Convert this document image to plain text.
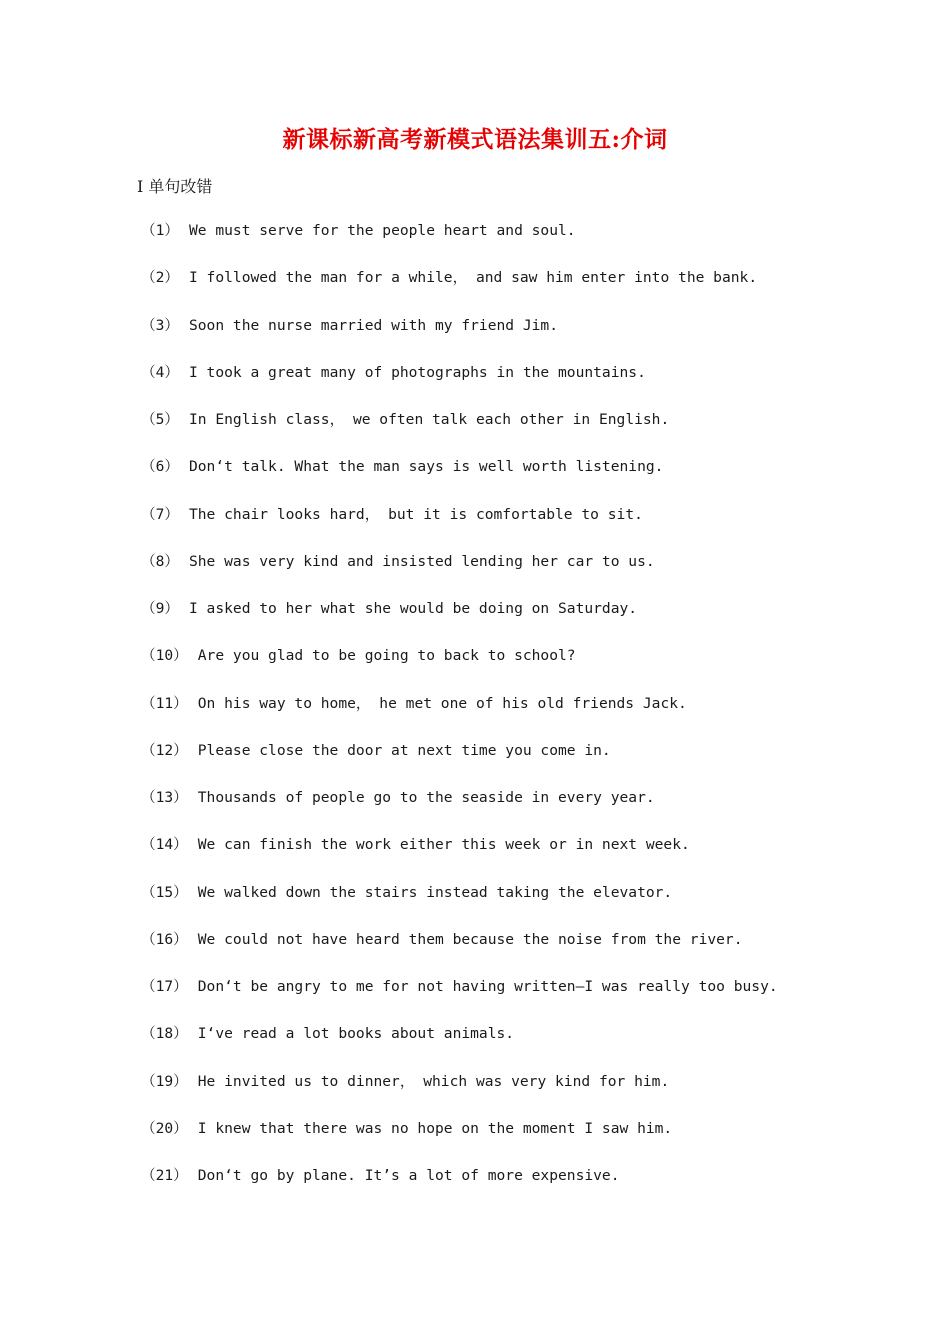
新课标新高考新模式语法集训五:介词
I 单句改错
（1） We must serve for the people heart and soul.
（2） I followed the man for a while， and saw him enter into the bank.
（3） Soon the nurse married with my friend Jim.
（4） I took a great many of photographs in the mountains.
（5） In English class， we often talk each other in English.
（6） Don‘t talk. What the man says is well worth listening.
（7） The chair looks hard， but it is comfortable to sit.
（8） She was very kind and insisted lending her car to us.
（9） I asked to her what she would be doing on Saturday.
（10） Are you glad to be going to back to school?
（11） On his way to home， he met one of his old friends Jack.
（12） Please close the door at next time you come in.
（13） Thousands of people go to the seaside in every year.
（14） We can finish the work either this week or in next week.
（15） We walked down the stairs instead taking the elevator.
（16） We could not have heard them because the noise from the river.
（17） Don‘t be angry to me for not having written—I was really too busy.
（18） I‘ve read a lot books about animals.
（19） He invited us to dinner， which was very kind for him.
（20） I knew that there was no hope on the moment I saw him.
（21） Don‘t go by plane. It’s a lot of more expensive.
